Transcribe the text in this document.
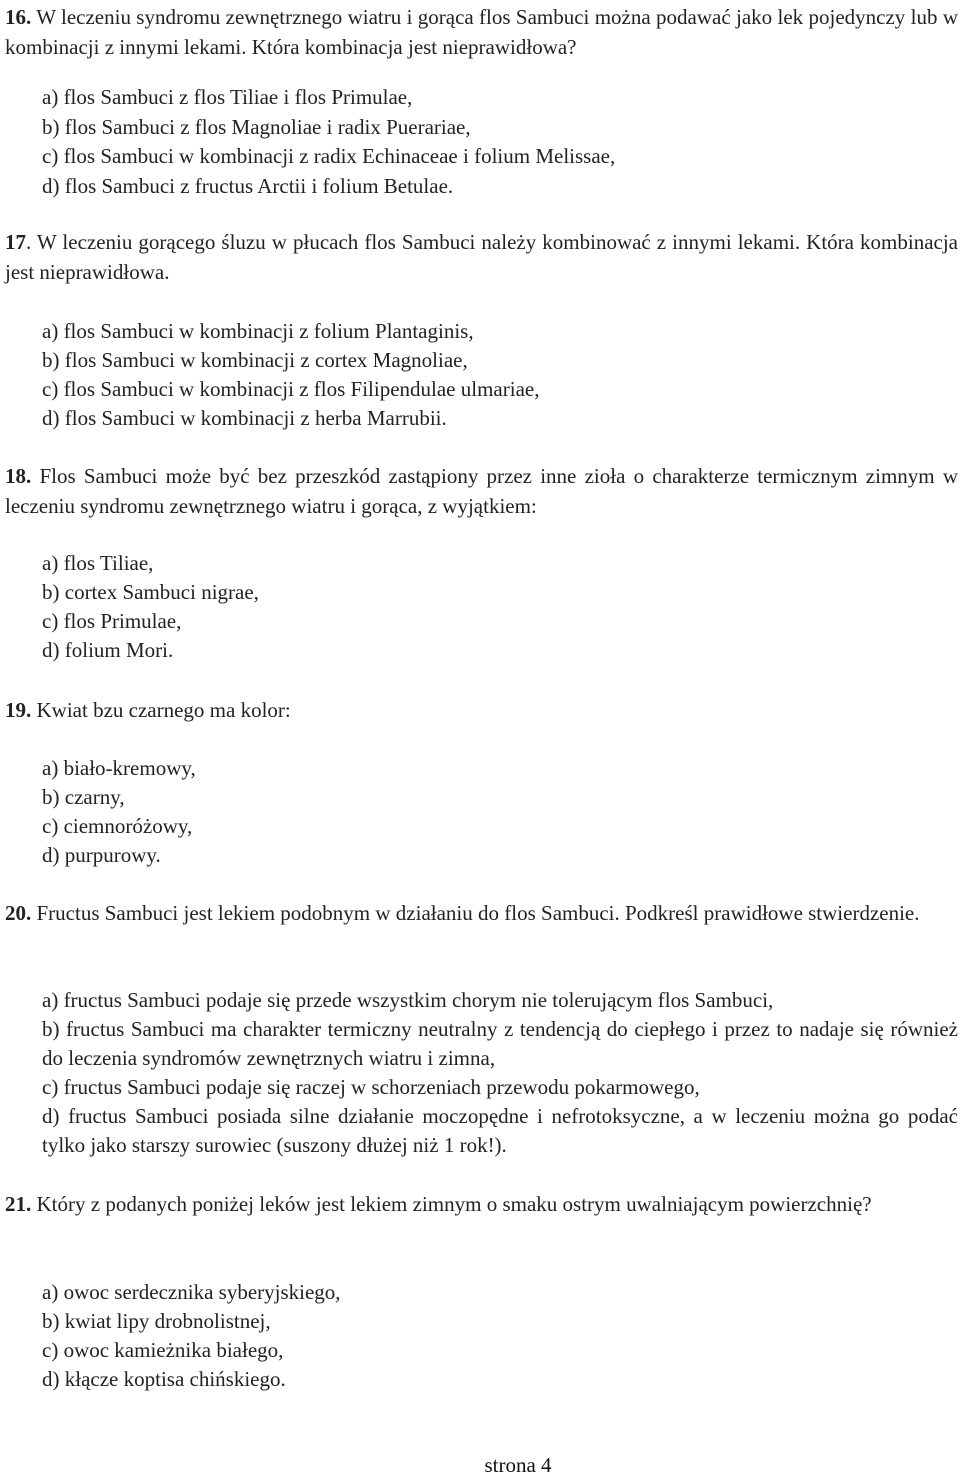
16. W leczeniu syndromu zewnętrznego wiatru i gorąca flos Sambuci można podawać jako lek pojedynczy lub w kombinacji z innymi lekami. Która kombinacja jest nieprawidłowa?

a) flos Sambuci z flos Tiliae i flos Primulae,
b) flos Sambuci z flos Magnoliae i radix Puerariae,
c) flos Sambuci w kombinacji z radix Echinaceae i folium Melissae,
d) flos Sambuci z fructus Arctii i folium Betulae.

17. W leczeniu gorącego śluzu w płucach flos Sambuci należy kombinować z innymi lekami. Która kombinacja jest nieprawidłowa.

a) flos Sambuci w kombinacji z folium Plantaginis,
b) flos Sambuci w kombinacji z cortex Magnoliae,
c) flos Sambuci w kombinacji z flos Filipendulae ulmariae,
d) flos Sambuci w kombinacji z herba Marrubii.

18. Flos Sambuci może być bez przeszkód zastąpiony przez inne zioła o charakterze termicznym zimnym w leczeniu syndromu zewnętrznego wiatru i gorąca, z wyjątkiem:

a) flos Tiliae,
b) cortex Sambuci nigrae,
c) flos Primulae,
d) folium Mori.

19. Kwiat bzu czarnego ma kolor:

a) biało-kremowy,
b) czarny,
c) ciemnoróżowy,
d) purpurowy.

20. Fructus Sambuci jest lekiem podobnym w działaniu do flos Sambuci. Podkreśl prawidłowe stwierdzenie.

a) fructus Sambuci podaje się przede wszystkim chorym nie tolerującym flos Sambuci,
b) fructus Sambuci ma charakter termiczny neutralny z tendencją do ciepłego i przez to nadaje się również do leczenia syndromów zewnętrznych wiatru i zimna,
c) fructus Sambuci podaje się raczej w schorzeniach przewodu pokarmowego,
d) fructus Sambuci posiada silne działanie moczopędne i nefrotoksyczne, a w leczeniu można go podać tylko jako starszy surowiec (suszony dłużej niż 1 rok!).

21. Który z podanych poniżej leków jest lekiem zimnym o smaku ostrym uwalniającym powierzchnię?

a) owoc serdecznika syberyjskiego,
b) kwiat lipy drobnolistnej,
c) owoc kamieżnika białego,
d) kłącze koptisa chińskiego.
strona 4
